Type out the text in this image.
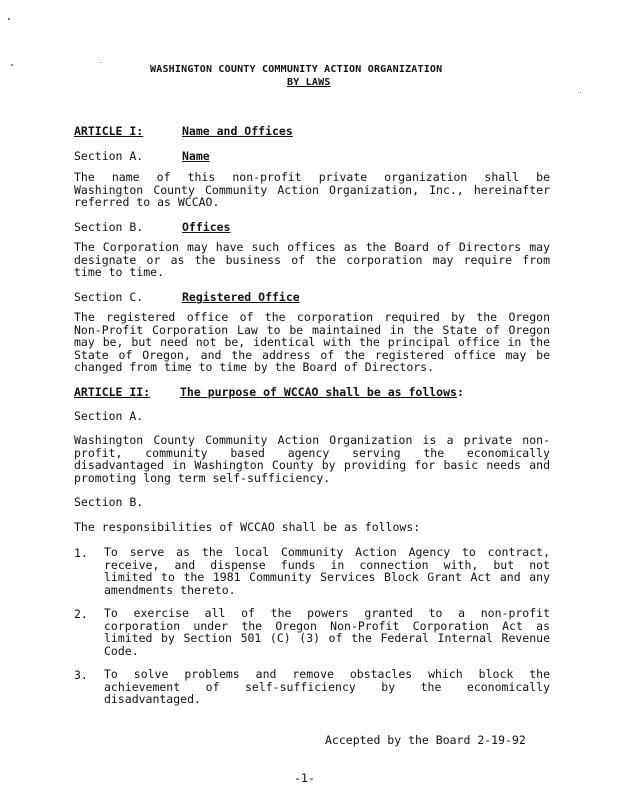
WASHINGTON COUNTY COMMUNITY ACTION ORGANIZATION
BY LAWS
ARTICLE I:	Name and Offices
Section A.	Name
The name of this non-profit private organization shall be
Washington County Community Action Organization, Inc., hereinafter
referred to as WCCAO.
Section B.	Offices
The Corporation may have such offices as the Board of Directors may
designate or as the business of the corporation may require from
time to time.
Section C.	Registered Office
The registered office of the corporation required by the Oregon
Non-Profit Corporation Law to be maintained in the State of Oregon
may be, but need not be, identical with the principal office in the
State of Oregon, and the address of the registered office may be
changed from time to time by the Board of Directors.
ARTICLE II:	The purpose of WCCAO shall be as follows:
Section A.
Washington County Community Action Organization is a private non-
profit, community based agency serving the economically
disadvantaged in Washington County by providing for basic needs and
promoting long term self-sufficiency.
Section B.
The responsibilities of WCCAO shall be as follows:
1. To serve as the local Community Action Agency to contract,
receive, and dispense funds in connection with, but not
limited to the 1981 Community Services Block Grant Act and any
amendments thereto.
2. To exercise all of the powers granted to a non-profit
corporation under the Oregon Non-Profit Corporation Act as
limited by Section 501 (C) (3) of the Federal Internal Revenue
Code.
3. To solve problems and remove obstacles which block the
achievement of self-sufficiency by the economically
disadvantaged.
Accepted by the Board 2-19-92
-1-
